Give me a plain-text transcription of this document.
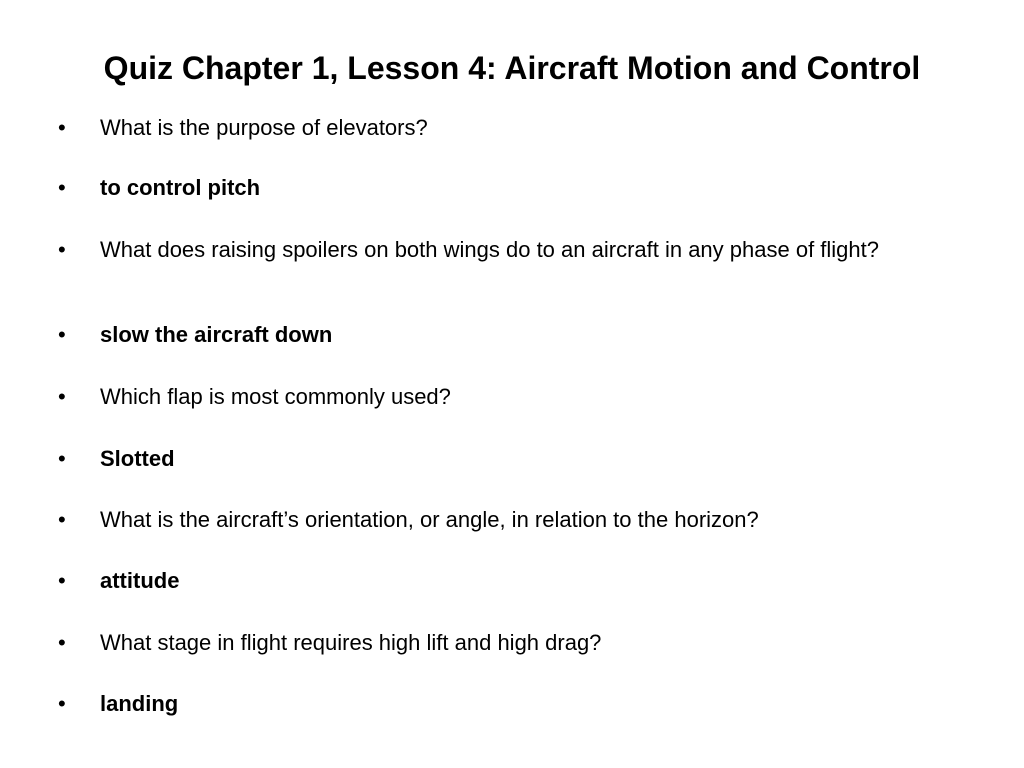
Quiz Chapter 1, Lesson 4: Aircraft Motion and Control
• What is the purpose of elevators?
• to control pitch
• What does raising spoilers on both wings do to an aircraft in any phase of flight?
• slow the aircraft down
• Which flap is most commonly used?
• Slotted
• What is the aircraft’s orientation, or angle, in relation to the horizon?
• attitude
• What stage in flight requires high lift and high drag?
• landing
